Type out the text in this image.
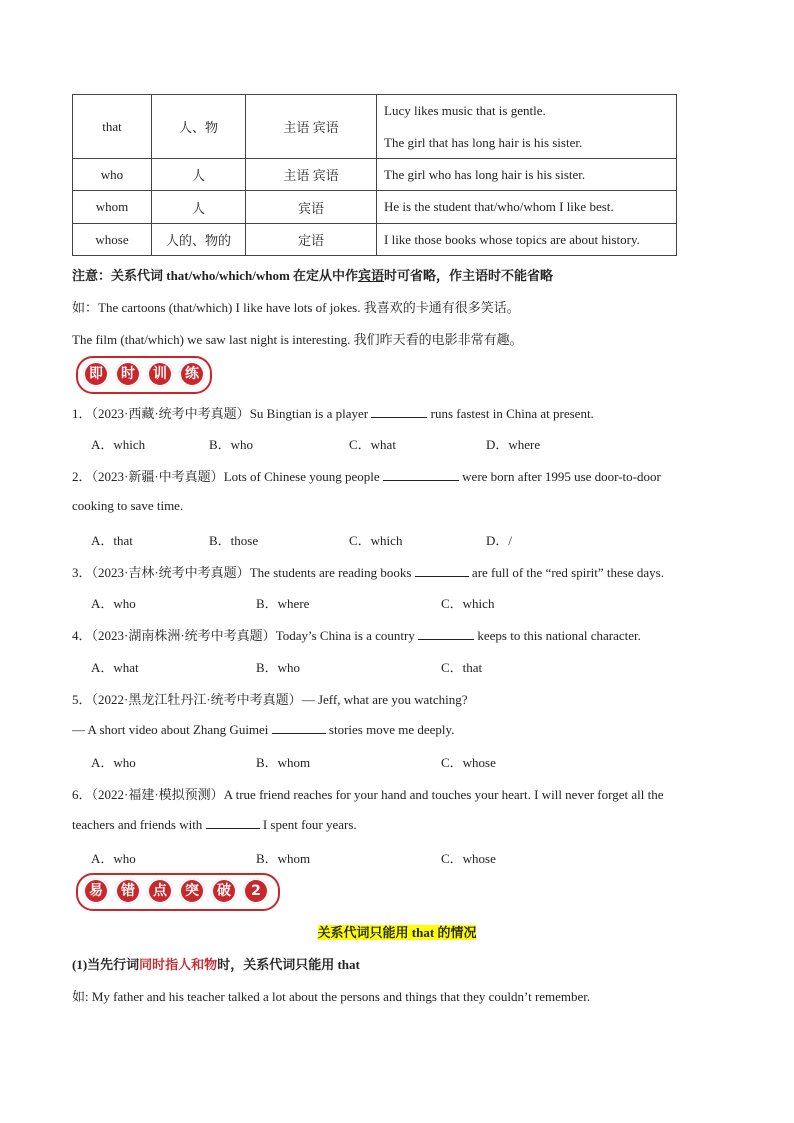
that	人、物	主语 宾语	Lucy likes music that is gentle.
The girl that has long hair is his sister.

who	人	主语 宾语	The girl who has long hair is his sister.
whom	人	宾语	He is the student that/who/whom I like best.
whose	人的、物的	定语	I like those books whose topics are about history.
注意：关系代词 that/who/which/whom 在定从中作宾语时可省略，作主语时不能省略
如：The cartoons (that/which) I like have lots of jokes. 我喜欢的卡通有很多笑话。
The film (that/which) we saw last night is interesting. 我们昨天看的电影非常有趣。
即	时	训	练
1．（2023·西藏·统考中考真题）Su Bingtian is a player	runs fastest in China at present.
A．which	B．who	C．what	D．where
2．（2023·新疆·中考真题）Lots of Chinese young people	were born after 1995 use door-to-door
cooking to save time.
A．that	B．those	C．which	D．/
3．（2023·吉林·统考中考真题）The students are reading books	are full of the “red spirit” these days.
A．who	B．where	C．which
4．（2023·湖南株洲·统考中考真题）Today’s China is a country	keeps to this national character.
A．what	B．who	C．that
5．（2022·黑龙江牡丹江·统考中考真题）— Jeff, what are you watching?
— A short video about Zhang Guimei	stories move me deeply.
A．who	B．whom	C．whose
6．（2022·福建·模拟预测）A true friend reaches for your hand and touches your heart. I will never forget all the
teachers and friends with	I spent four years.
A．who	B．whom	C．whose
易	错	点	突	破	2
关系代词只能用 that 的情况
(1)当先行词同时指人和物时，关系代词只能用 that
如: My father and his teacher talked a lot about the persons and things that they couldn’t remember.
